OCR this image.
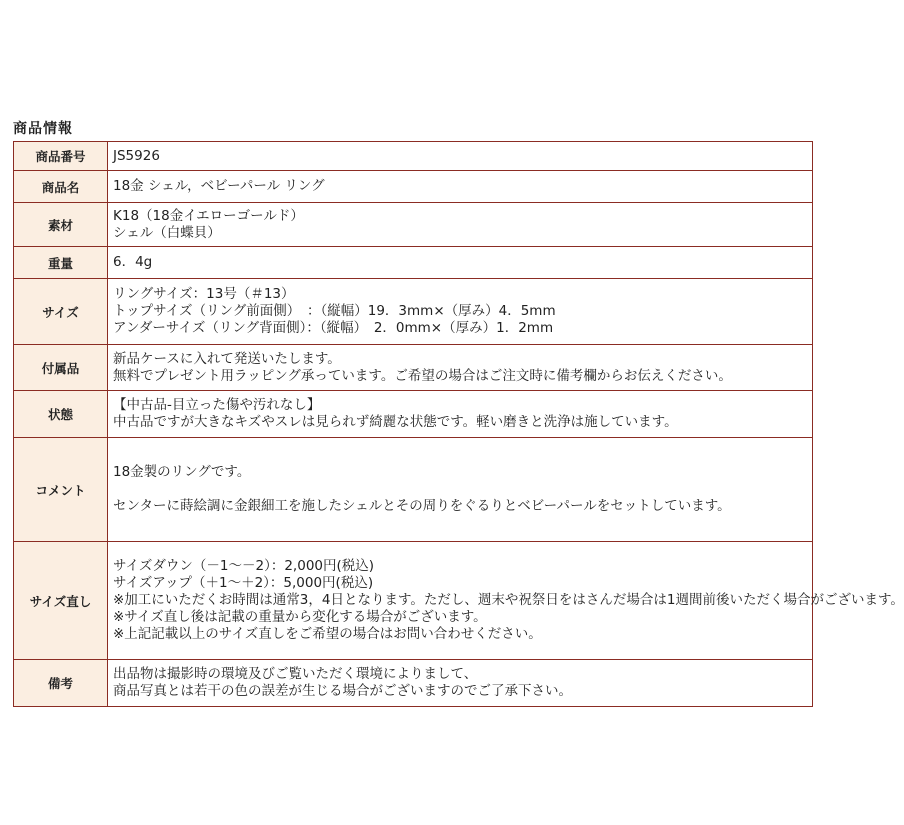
商品情報
商品番号	JS5926

商品名	18金 シェル，ベビーパール リング

素材	K18（18金イエローゴールド）
シェル（白蝶貝）

重量	6．4g

サイズ	リングサイズ：13号（＃13）
トップサイズ（リング前面側）　：（縦幅）19．3mm×（厚み）4．5mm
アンダーサイズ（リング背面側）：（縦幅）　2．0mm×（厚み）1．2mm

付属品	新品ケースに入れて発送いたします。
無料でプレゼント用ラッピング承っています。ご希望の場合はご注文時に備考欄からお伝えください。

状態	【中古品-目立った傷や汚れなし】
中古品ですが大きなキズやスレは見られず綺麗な状態です。軽い磨きと洗浄は施しています。

コメント	18金製のリングです。
センターに蒔絵調に金銀細工を施したシェルとその周りをぐるりとベビーパールをセットしています。

サイズ直し	サイズダウン（－1～－2）：2,000円(税込)
サイズアップ（＋1～＋2）：5,000円(税込)
※加工にいただくお時間は通常3，4日となります。ただし、週末や祝祭日をはさんだ場合は1週間前後いただく場合がございます。
※サイズ直し後は記載の重量から変化する場合がございます。
※上記記載以上のサイズ直しをご希望の場合はお問い合わせください。

備考	出品物は撮影時の環境及びご覧いただく環境によりまして、
商品写真とは若干の色の誤差が生じる場合がございますのでご了承下さい。
